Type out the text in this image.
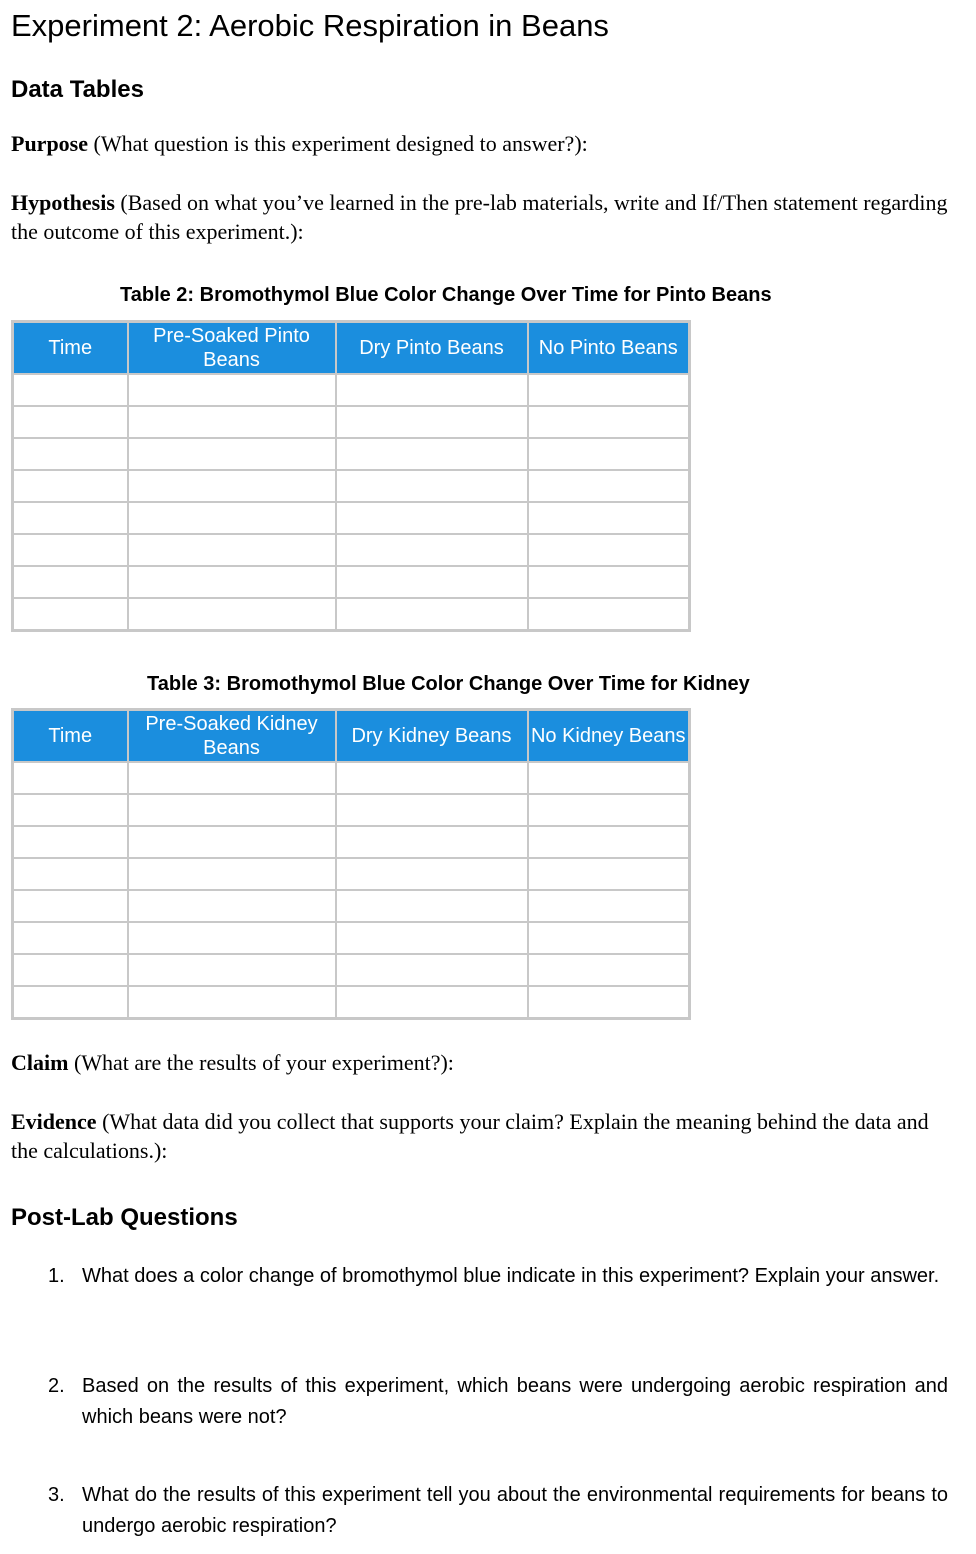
Experiment 2: Aerobic Respiration in Beans
Data Tables
Purpose (What question is this experiment designed to answer?):
Hypothesis (Based on what you’ve learned in the pre-lab materials, write and If/Then statement regarding the outcome of this experiment.):
Table 2: Bromothymol Blue Color Change Over Time for Pinto Beans
Time	Pre-Soaked Pinto Beans	Dry Pinto Beans	No Pinto Beans

Table 3: Bromothymol Blue Color Change Over Time for Kidney
Time	Pre-Soaked Kidney Beans	Dry Kidney Beans	No Kidney Beans

Claim (What are the results of your experiment?):
Evidence (What data did you collect that supports your claim? Explain the meaning behind the data and the calculations.):
Post-Lab Questions
1. What does a color change of bromothymol blue indicate in this experiment? Explain your answer.
2. Based on the results of this experiment, which beans were undergoing aerobic respiration and which beans were not?
3. What do the results of this experiment tell you about the environmental requirements for beans to undergo aerobic respiration?
